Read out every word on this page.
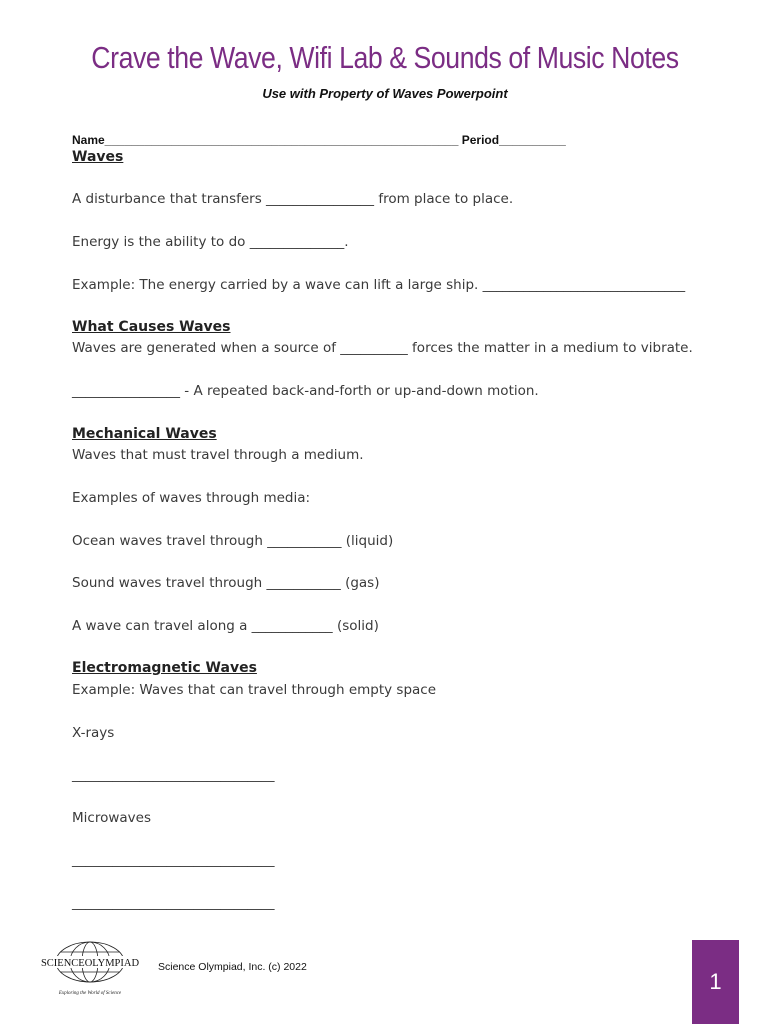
Crave the Wave, Wifi Lab & Sounds of Music Notes
Use with Property of Waves Powerpoint
Name_____________________________________________________ Period__________
Waves
A disturbance that transfers ________________ from place to place.
Energy is the ability to do ______________.
Example: The energy carried by a wave can lift a large ship. ______________________________
What Causes Waves
Waves are generated when a source of __________ forces the matter in a medium to vibrate.
________________ - A repeated back-and-forth or up-and-down motion.
Mechanical Waves
Waves that must travel through a medium.
Examples of waves through media:
Ocean waves travel through ___________ (liquid)
Sound waves travel through ___________ (gas)
A wave can travel along a ____________ (solid)
Electromagnetic Waves
Example: Waves that can travel through empty space
X-rays
______________________________
Microwaves
______________________________
______________________________
SCIENCEOLYMPIAD
Exploring the World of Science
Science Olympiad, Inc. (c) 2022
1
